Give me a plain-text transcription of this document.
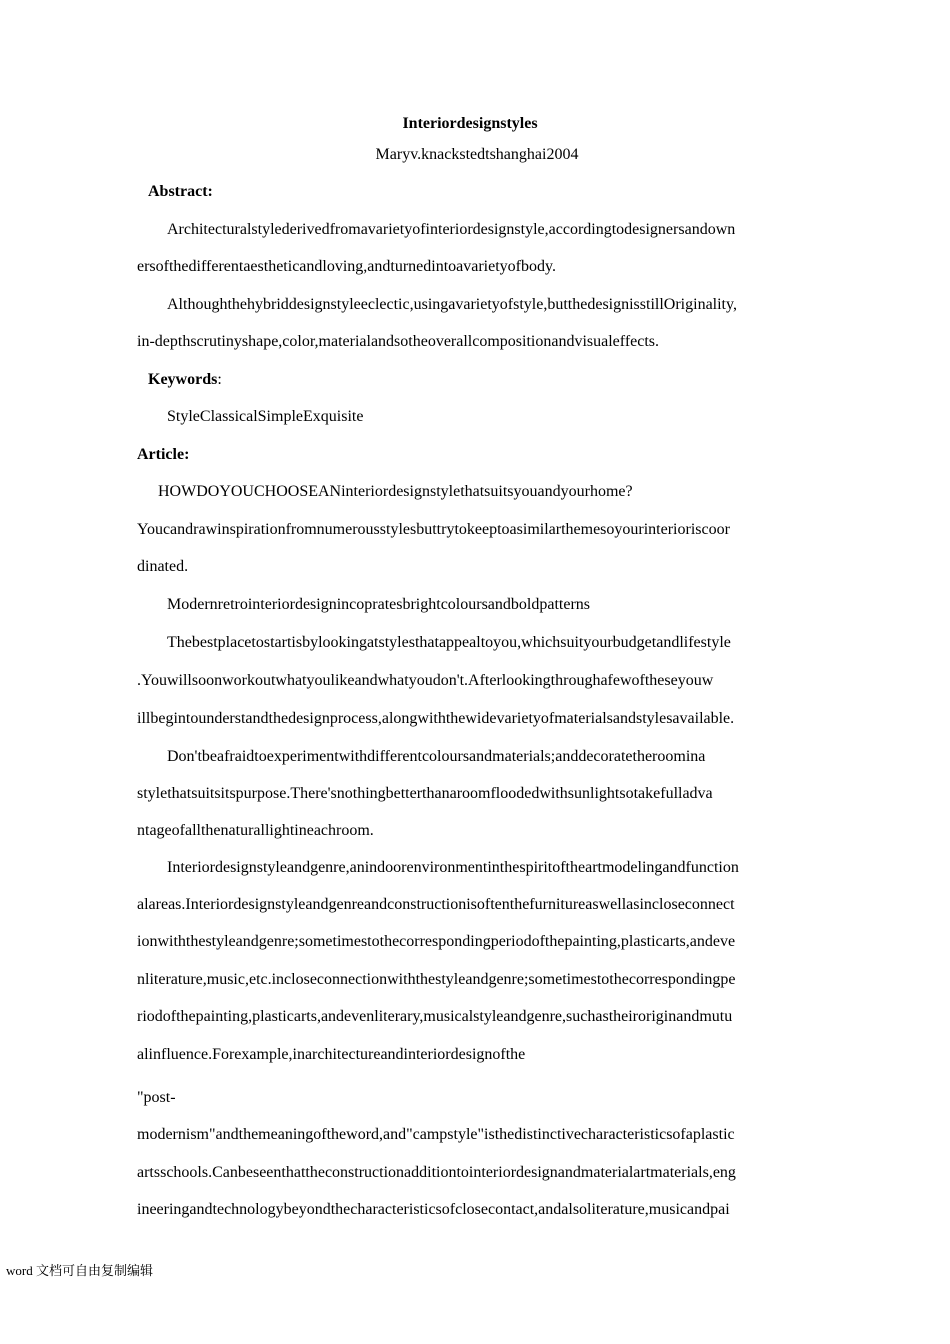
Interiordesignstyles
Maryv.knackstedtshanghai2004
Abstract:
Architecturalstylederivedfromavarietyofinteriordesignstyle,accordingtodesignersandown
ersofthedifferentaestheticandloving,andturnedintoavarietyofbody.
Althoughthehybriddesignstyleeclectic,usingavarietyofstyle,butthedesignisstillOriginality,
in-depthscrutinyshape,color,materialandsotheoverallcompositionandvisualeffects.
Keywords:
StyleClassicalSimpleExquisite
Article:
HOWDOYOUCHOOSEANinteriordesignstylethatsuitsyouandyourhome?
Youcandrawinspirationfromnumerousstylesbuttrytokeeptoasimilarthemesoyourinterioriscoor
dinated.
Modernretrointeriordesignincopratesbrightcoloursandboldpatterns
Thebestplacetostartisbylookingatstylesthatappealtoyou,whichsuityourbudgetandlifestyle
.Youwillsoonworkoutwhatyoulikeandwhatyoudon't.Afterlookingthroughafewoftheseyouw
illbegintounderstandthedesignprocess,alongwiththewidevarietyofmaterialsandstylesavailable.
Don'tbeafraidtoexperimentwithdifferentcoloursandmaterials;anddecoratetheroomina
stylethatsuitsitspurpose.There'snothingbetterthanaroomfloodedwithsunlightsotakefulladva
ntageofallthenaturallightineachroom.
Interiordesignstyleandgenre,anindoorenvironmentinthespiritoftheartmodelingandfunction
alareas.Interiordesignstyleandgenreandconstructionisoftenthefurnitureaswellasincloseconnect
ionwiththestyleandgenre;sometimestothecorrespondingperiodofthepainting,plasticarts,andeve
nliterature,music,etc.incloseconnectionwiththestyleandgenre;sometimestothecorrespondingpe
riodofthepainting,plasticarts,andevenliterary,musicalstyleandgenre,suchastheiroriginandmutu
alinfluence.Forexample,inarchitectureandinteriordesignofthe
"post-
modernism"andthemeaningoftheword,and"campstyle"isthedistinctivecharacteristicsofaplastic
artsschools.Canbeseenthattheconstructionadditiontointeriordesignandmaterialartmaterials,eng
ineeringandtechnologybeyondthecharacteristicsofclosecontact,andalsoliterature,musicandpai
word 文档可自由复制编辑
